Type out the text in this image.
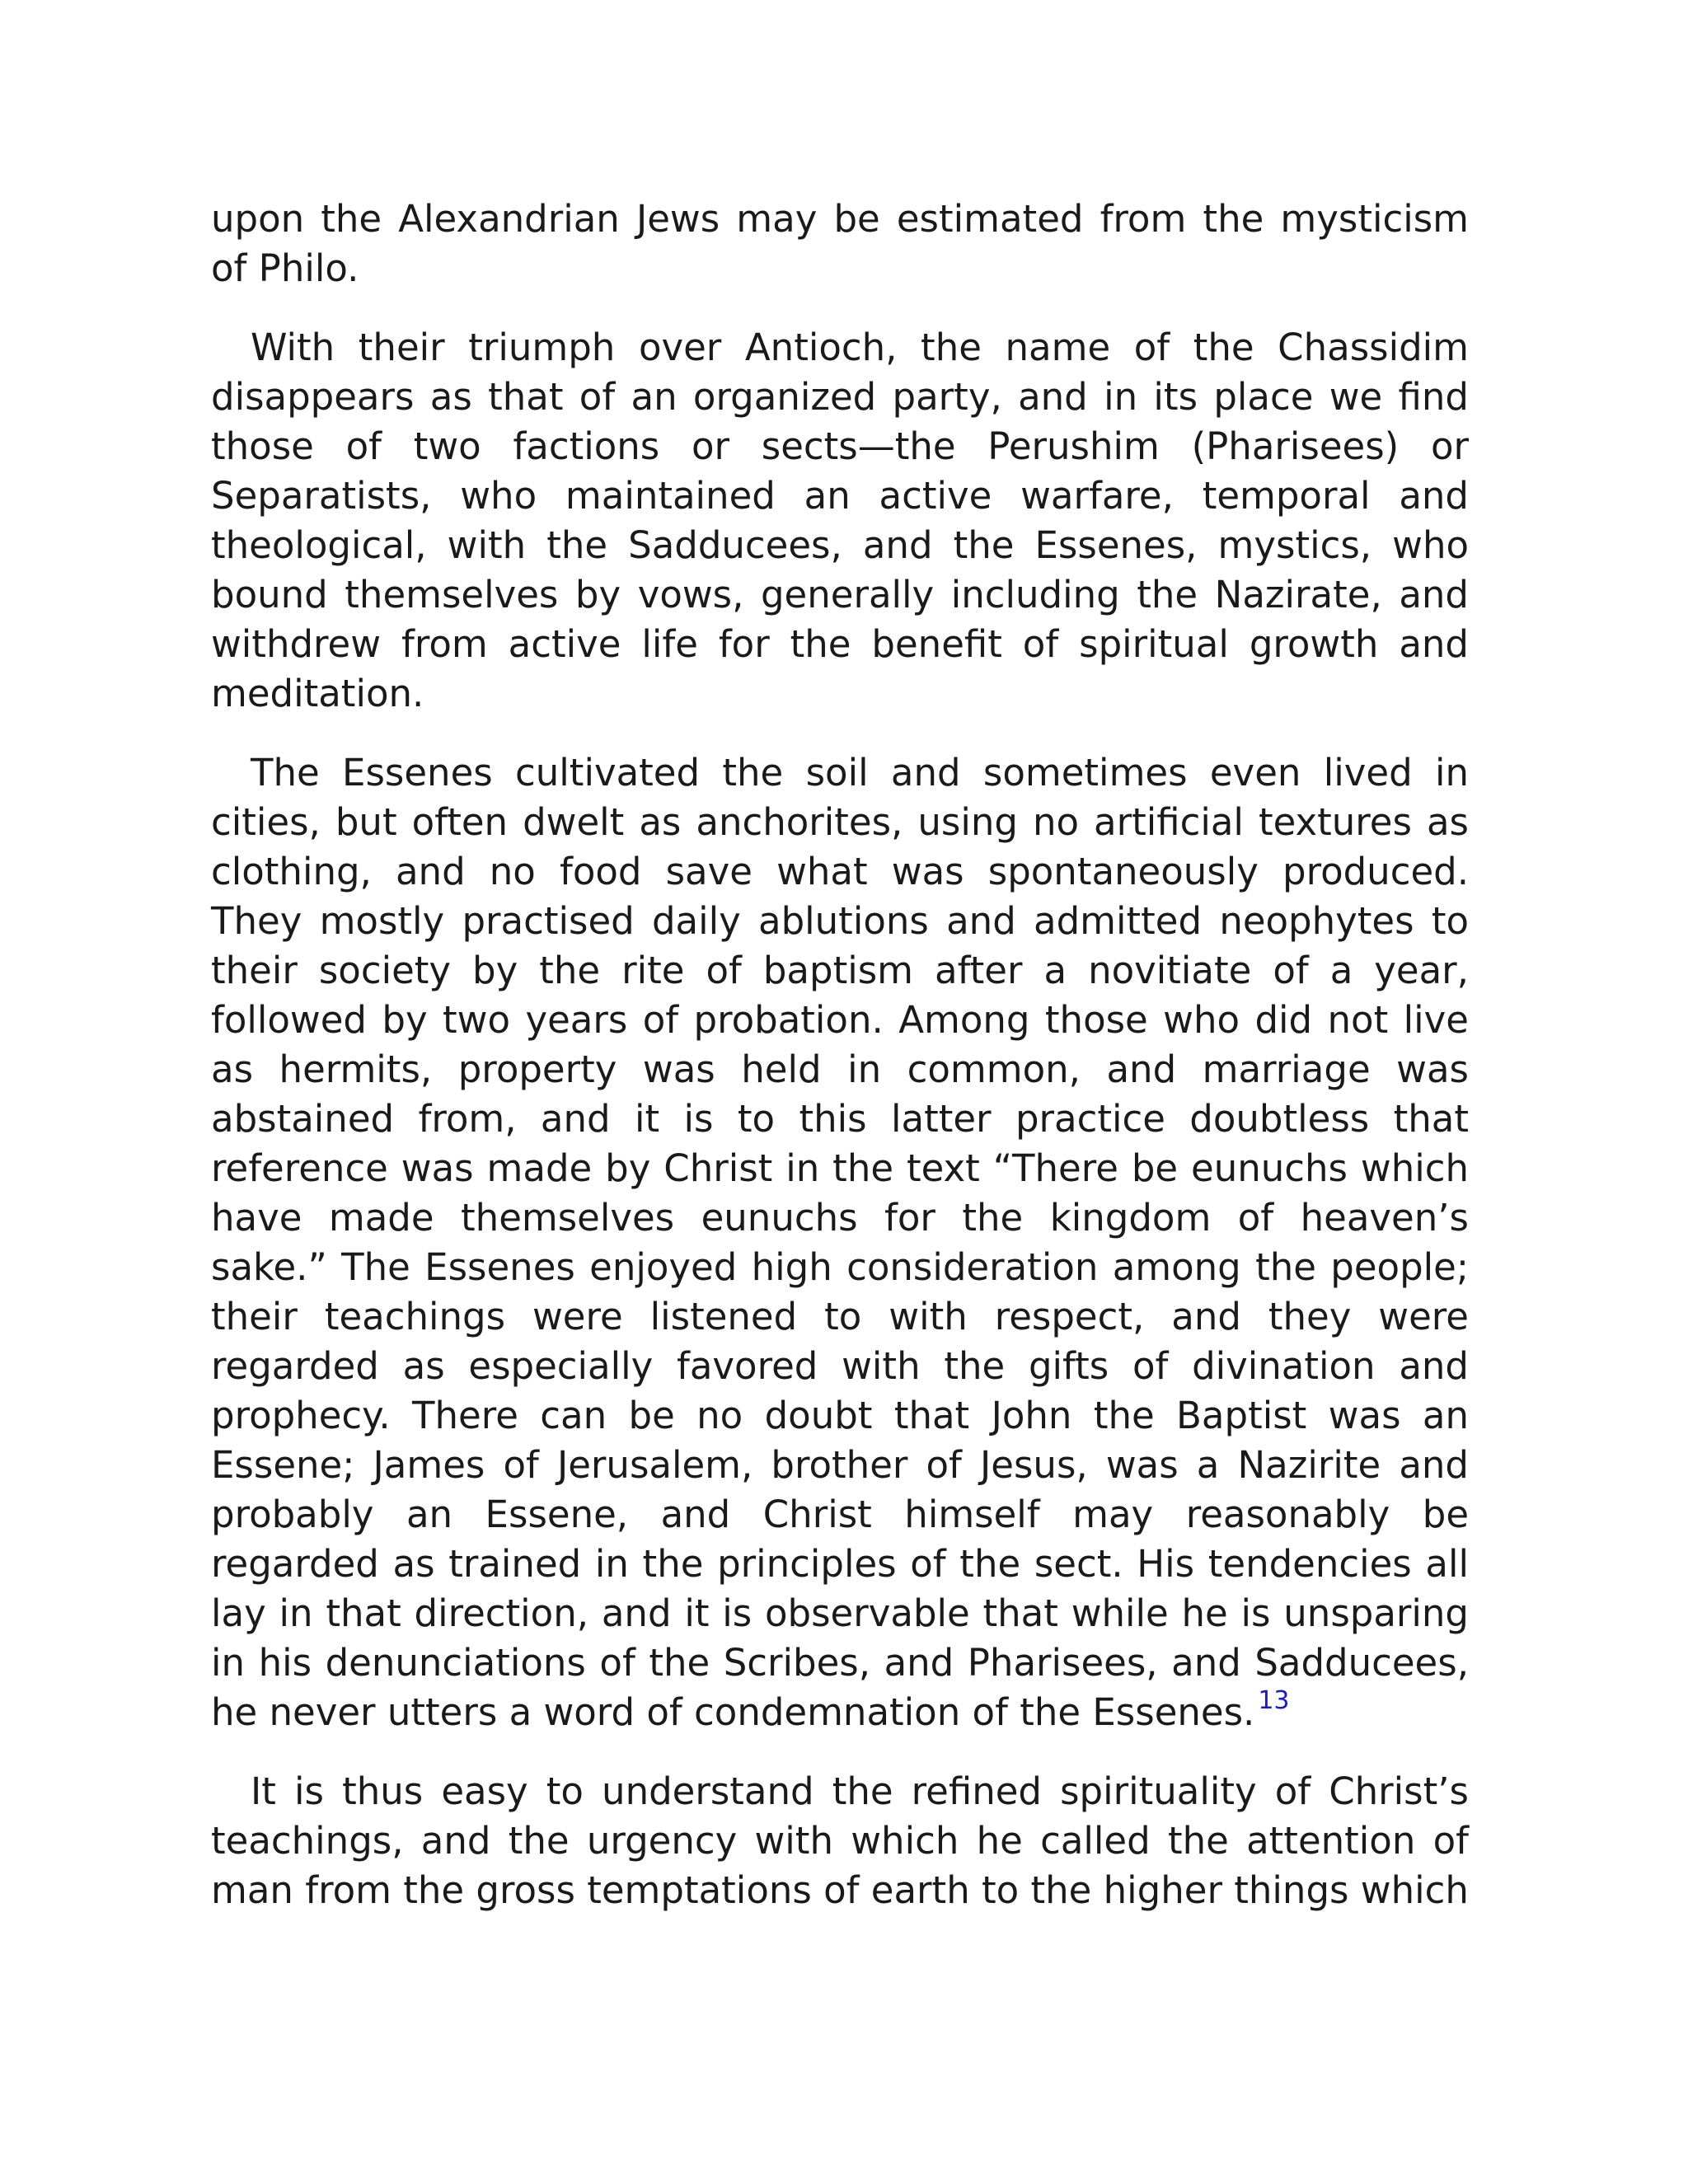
upon the Alexandrian Jews may be estimated from the mysticism of Philo.

With their triumph over Antioch, the name of the Chassidim disappears as that of an organized party, and in its place we find those of two factions or sects—the Perushim (Pharisees) or Separatists, who maintained an active warfare, temporal and theological, with the Sadducees, and the Essenes, mystics, who bound themselves by vows, generally including the Nazirate, and withdrew from active life for the benefit of spiritual growth and meditation.

The Essenes cultivated the soil and sometimes even lived in cities, but often dwelt as anchorites, using no artificial textures as clothing, and no food save what was spontaneously produced. They mostly practised daily ablutions and admitted neophytes to their society by the rite of baptism after a novitiate of a year, followed by two years of probation. Among those who did not live as hermits, property was held in common, and marriage was abstained from, and it is to this latter practice doubtless that reference was made by Christ in the text “There be eunuchs which have made themselves eunuchs for the kingdom of heaven’s sake.” The Essenes enjoyed high consideration among the people; their teachings were listened to with respect, and they were regarded as especially favored with the gifts of divination and prophecy. There can be no doubt that John the Baptist was an Essene; James of Jerusalem, brother of Jesus, was a Nazirite and probably an Essene, and Christ himself may reasonably be regarded as trained in the principles of the sect. His tendencies all lay in that direction, and it is observable that while he is unsparing in his denunciations of the Scribes, and Pharisees, and Sadducees, he never utters a word of condemnation of the Essenes. $^{13}$

It is thus easy to understand the refined spirituality of Christ’s teachings, and the urgency with which he called the attention of man from the gross temptations of earth to the higher things which
